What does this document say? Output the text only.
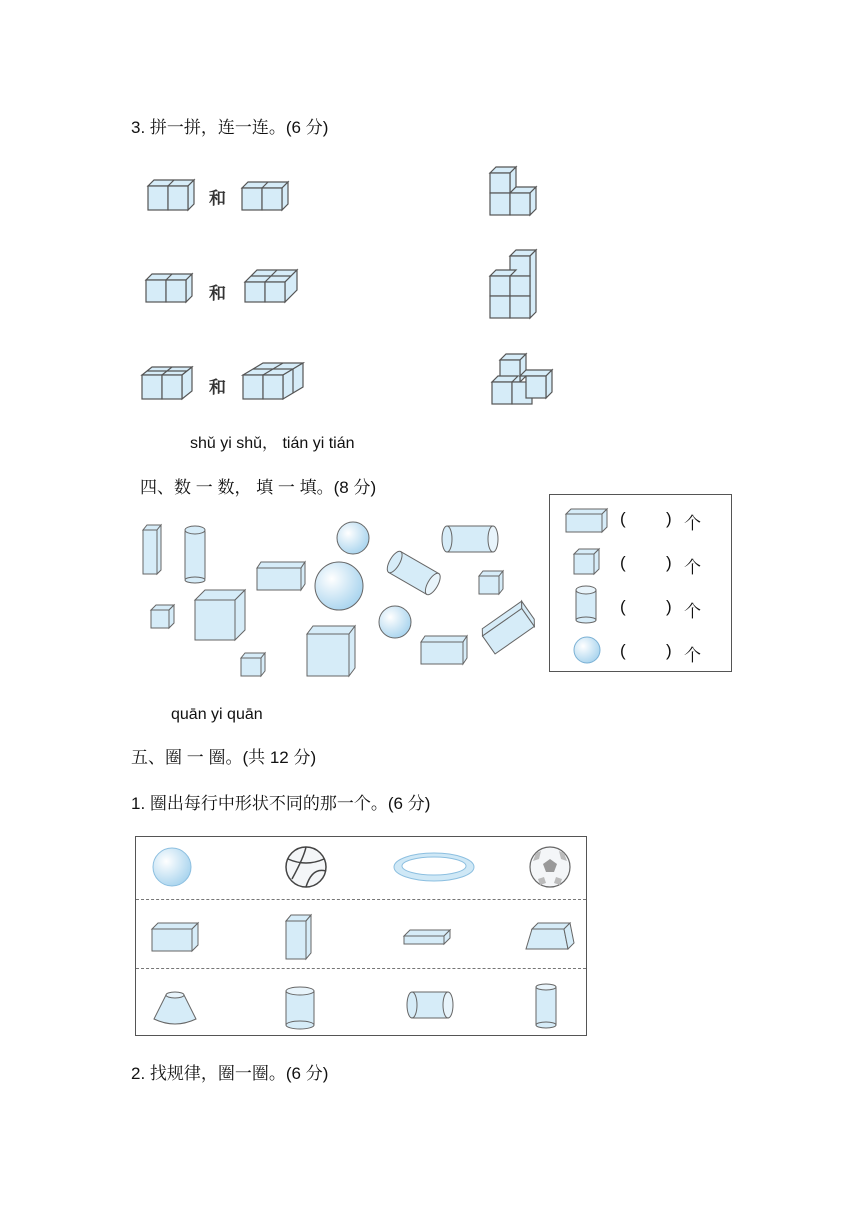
3. 拼一拼，连一连。(6 分)
和
和
和
shǔ yi shǔ， tián yi tián
四、数 一 数， 填 一 填。(8 分)
( ) 个
( ) 个
( ) 个
( ) 个
quān yi quān
五、圈 一 圈。(共 12 分)
1. 圈出每行中形状不同的那一个。(6 分)
2. 找规律，圈一圈。(6 分)
